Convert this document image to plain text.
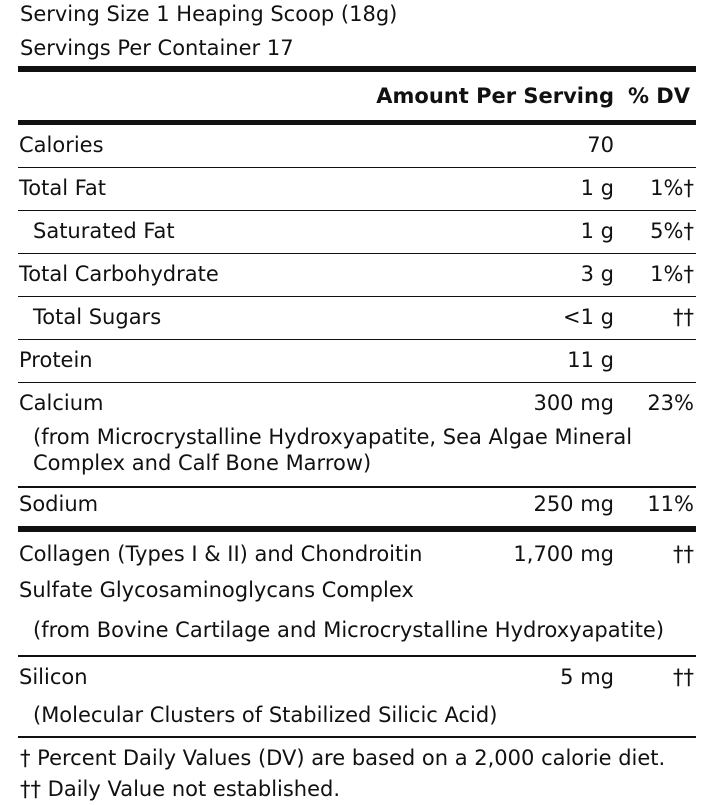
Serving Size 1 Heaping Scoop (18g)
Servings Per Container 17
Amount Per Serving % DV
Calories	70
Total Fat	1 g 1%†
Saturated Fat	1 g 5%†
Total Carbohydrate	3 g 1%†
Total Sugars	<1 g	††
Protein	11 g
Calcium	300 mg 23%
(from Microcrystalline Hydroxyapatite, Sea Algae Mineral Complex and Calf Bone Marrow)
Sodium	250 mg 11%
Collagen (Types I & II) and Chondroitin	1,700 mg	††
Sulfate Glycosaminoglycans Complex
(from Bovine Cartilage and Microcrystalline Hydroxyapatite)
Silicon	5 mg	††
(Molecular Clusters of Stabilized Silicic Acid)
† Percent Daily Values (DV) are based on a 2,000 calorie diet.
†† Daily Value not established.
